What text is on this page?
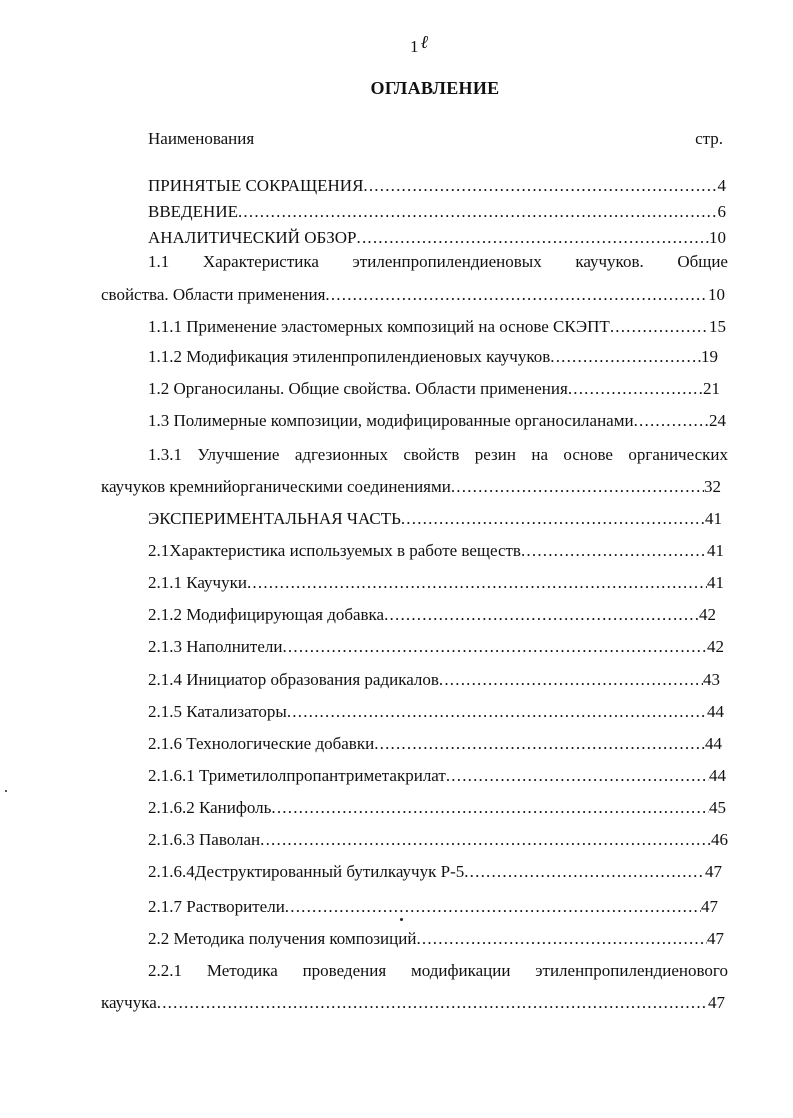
1 ℓ
ОГЛАВЛЕНИЕ
Наименования	стр.
ПРИНЯТЫЕ СОКРАЩЕНИЯ .....	4
ВВЕДЕНИЕ .....	6
АНАЛИТИЧЕСКИЙ ОБЗОР .....	10
1.1 Характеристика этиленпропилендиеновых каучуков. Общие
свойства. Области применения .....	10
1.1.1 Применение эластомерных композиций на основе СКЭПТ .....	15
1.1.2 Модификация этиленпропилендиеновых каучуков .....	19
1.2 Органосиланы. Общие свойства. Области применения .....	21
1.3 Полимерные композиции, модифицированные органосиланами .....	24
1.3.1 Улучшение адгезионных свойств резин на основе органических
каучуков кремнийорганическими соединениями .....	32
ЭКСПЕРИМЕНТАЛЬНАЯ ЧАСТЬ .....	41
2.1Характеристика используемых в работе веществ .....	41
2.1.1 Каучуки .....	41
2.1.2 Модифицирующая добавка .....	42
2.1.3 Наполнители .....	42
2.1.4 Инициатор образования радикалов .....	43
2.1.5 Катализаторы .....	44
2.1.6 Технологические добавки .....	44
2.1.6.1 Триметилолпропантриметакрилат .....	44
2.1.6.2 Канифоль .....	45
2.1.6.3 Паволан .....	46
2.1.6.4Деструктированный бутилкаучук Р-5 .....	47
2.1.7 Растворители .....	47
2.2 Методика получения композиций .....	47
2.2.1 Методика проведения модификации этиленпропилендиенового
каучука .....	47
